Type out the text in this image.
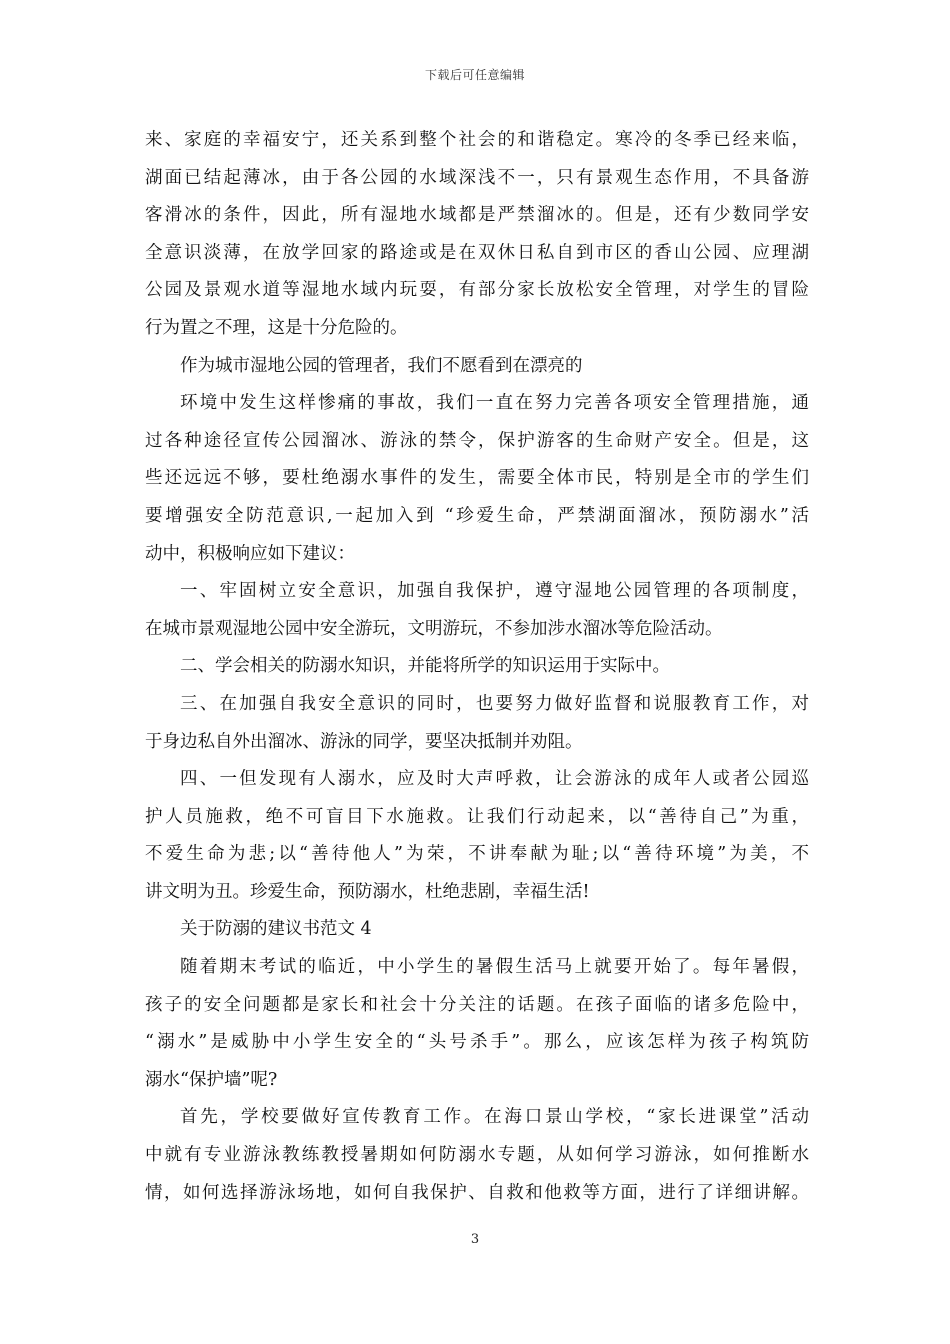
下载后可任意编辑
来、家庭的幸福安宁，还关系到整个社会的和谐稳定。寒冷的冬季已经来临，
湖面已结起薄冰，由于各公园的水域深浅不一，只有景观生态作用，不具备游
客滑冰的条件，因此，所有湿地水域都是严禁溜冰的。但是，还有少数同学安
全意识淡薄，在放学回家的路途或是在双休日私自到市区的香山公园、应理湖
公园及景观水道等湿地水域内玩耍，有部分家长放松安全管理，对学生的冒险
行为置之不理，这是十分危险的。
作为城市湿地公园的管理者，我们不愿看到在漂亮的
环境中发生这样惨痛的事故，我们一直在努力完善各项安全管理措施，通
过各种途径宣传公园溜冰、游泳的禁令，保护游客的生命财产安全。但是，这
些还远远不够，要杜绝溺水事件的发生，需要全体市民，特别是全市的学生们
要增强安全防范意识,一起加入到 “珍爱生命，严禁湖面溜冰，预防溺水”活
动中，积极响应如下建议：
一、牢固树立安全意识，加强自我保护，遵守湿地公园管理的各项制度，
在城市景观湿地公园中安全游玩，文明游玩，不参加涉水溜冰等危险活动。
二、学会相关的防溺水知识，并能将所学的知识运用于实际中。
三、在加强自我安全意识的同时，也要努力做好监督和说服教育工作，对
于身边私自外出溜冰、游泳的同学，要坚决抵制并劝阻。
四、一但发现有人溺水，应及时大声呼救，让会游泳的成年人或者公园巡
护人员施救，绝不可盲目下水施救。让我们行动起来，以“善待自己”为重，
不爱生命为悲;以“善待他人”为荣，不讲奉献为耻;以“善待环境”为美，不
讲文明为丑。珍爱生命，预防溺水，杜绝悲剧，幸福生活!
关于防溺的建议书范文 4
随着期末考试的临近，中小学生的暑假生活马上就要开始了。每年暑假，
孩子的安全问题都是家长和社会十分关注的话题。在孩子面临的诸多危险中，
“溺水”是威胁中小学生安全的“头号杀手”。那么，应该怎样为孩子构筑防
溺水“保护墙”呢?
首先，学校要做好宣传教育工作。在海口景山学校，“家长进课堂”活动
中就有专业游泳教练教授暑期如何防溺水专题，从如何学习游泳，如何推断水
情，如何选择游泳场地，如何自我保护、自救和他救等方面，进行了详细讲解。
3
